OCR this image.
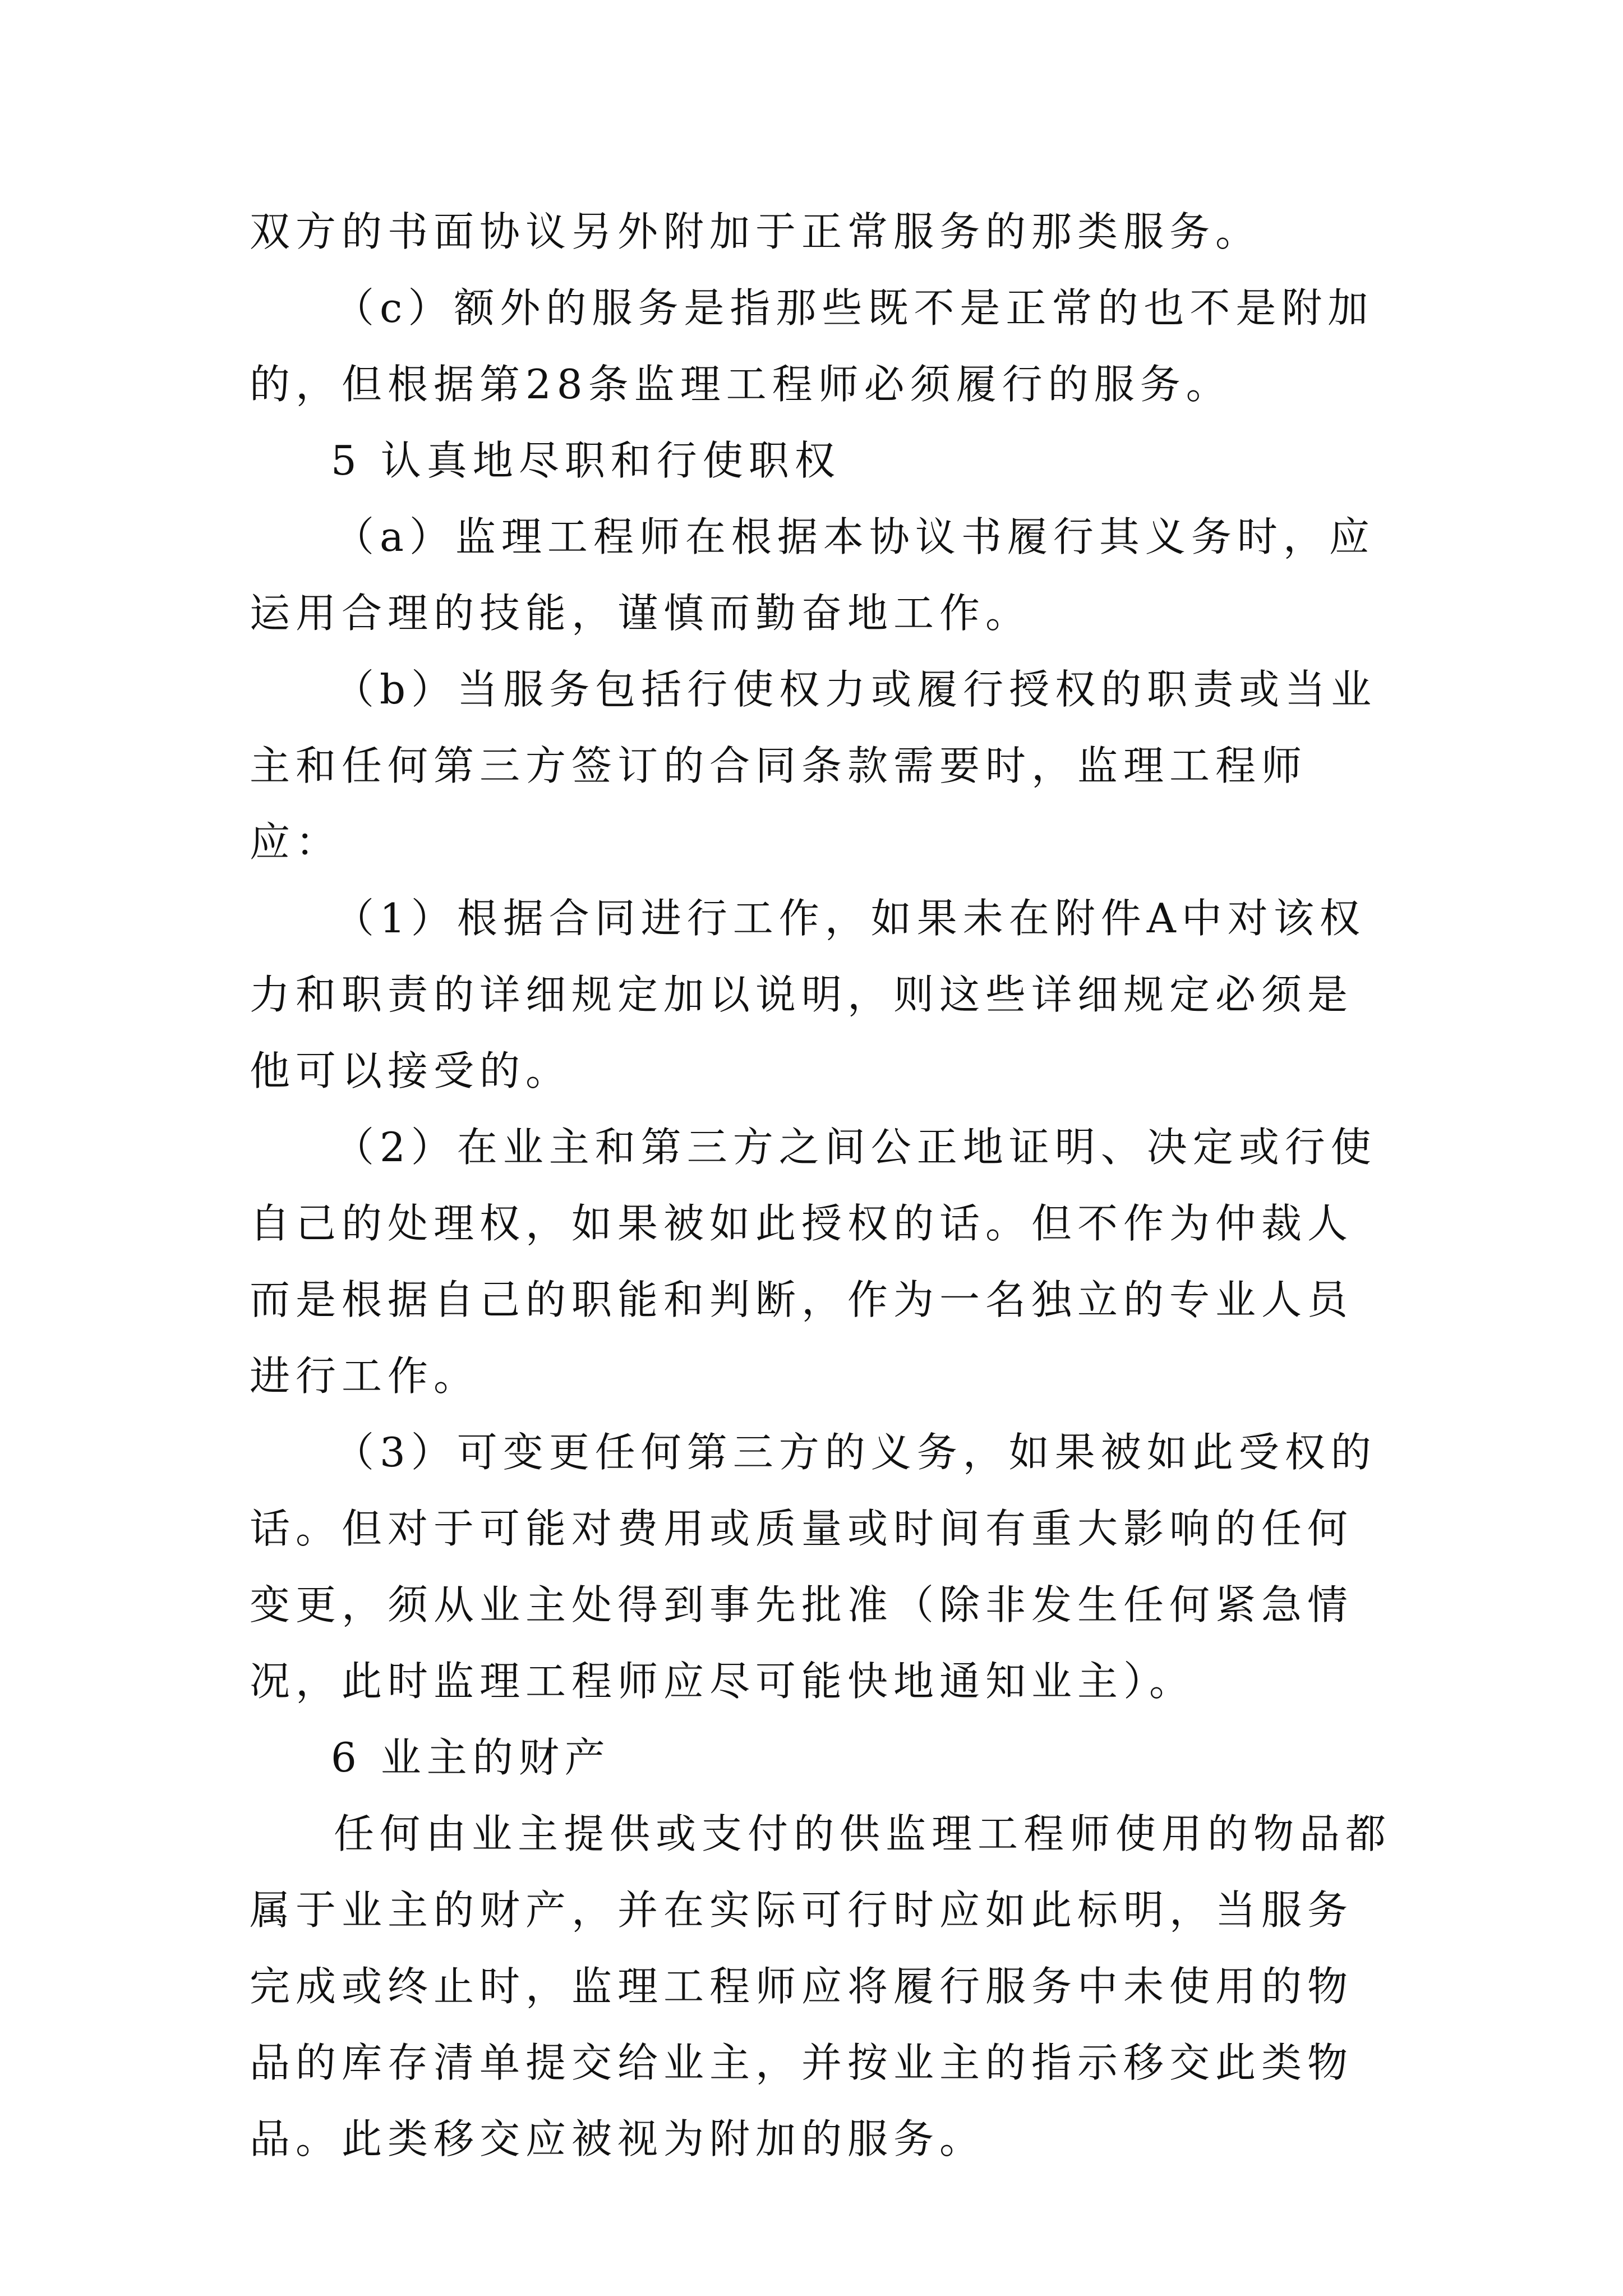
双方的书面协议另外附加于正常服务的那类服务。

（c）额外的服务是指那些既不是正常的也不是附加的，但根据第28条监理工程师必须履行的服务。

5 认真地尽职和行使职权

（a）监理工程师在根据本协议书履行其义务时，应运用合理的技能，谨慎而勤奋地工作。

（b）当服务包括行使权力或履行授权的职责或当业主和任何第三方签订的合同条款需要时，监理工程师应：

（1）根据合同进行工作，如果未在附件A中对该权力和职责的详细规定加以说明，则这些详细规定必须是他可以接受的。

（2）在业主和第三方之间公正地证明、决定或行使自己的处理权，如果被如此授权的话。但不作为仲裁人而是根据自己的职能和判断，作为一名独立的专业人员进行工作。

（3）可变更任何第三方的义务，如果被如此受权的话。但对于可能对费用或质量或时间有重大影响的任何变更，须从业主处得到事先批准（除非发生任何紧急情况，此时监理工程师应尽可能快地通知业主）。

6 业主的财产

任何由业主提供或支付的供监理工程师使用的物品都属于业主的财产，并在实际可行时应如此标明，当服务完成或终止时，监理工程师应将履行服务中未使用的物品的库存清单提交给业主，并按业主的指示移交此类物品。此类移交应被视为附加的服务。
